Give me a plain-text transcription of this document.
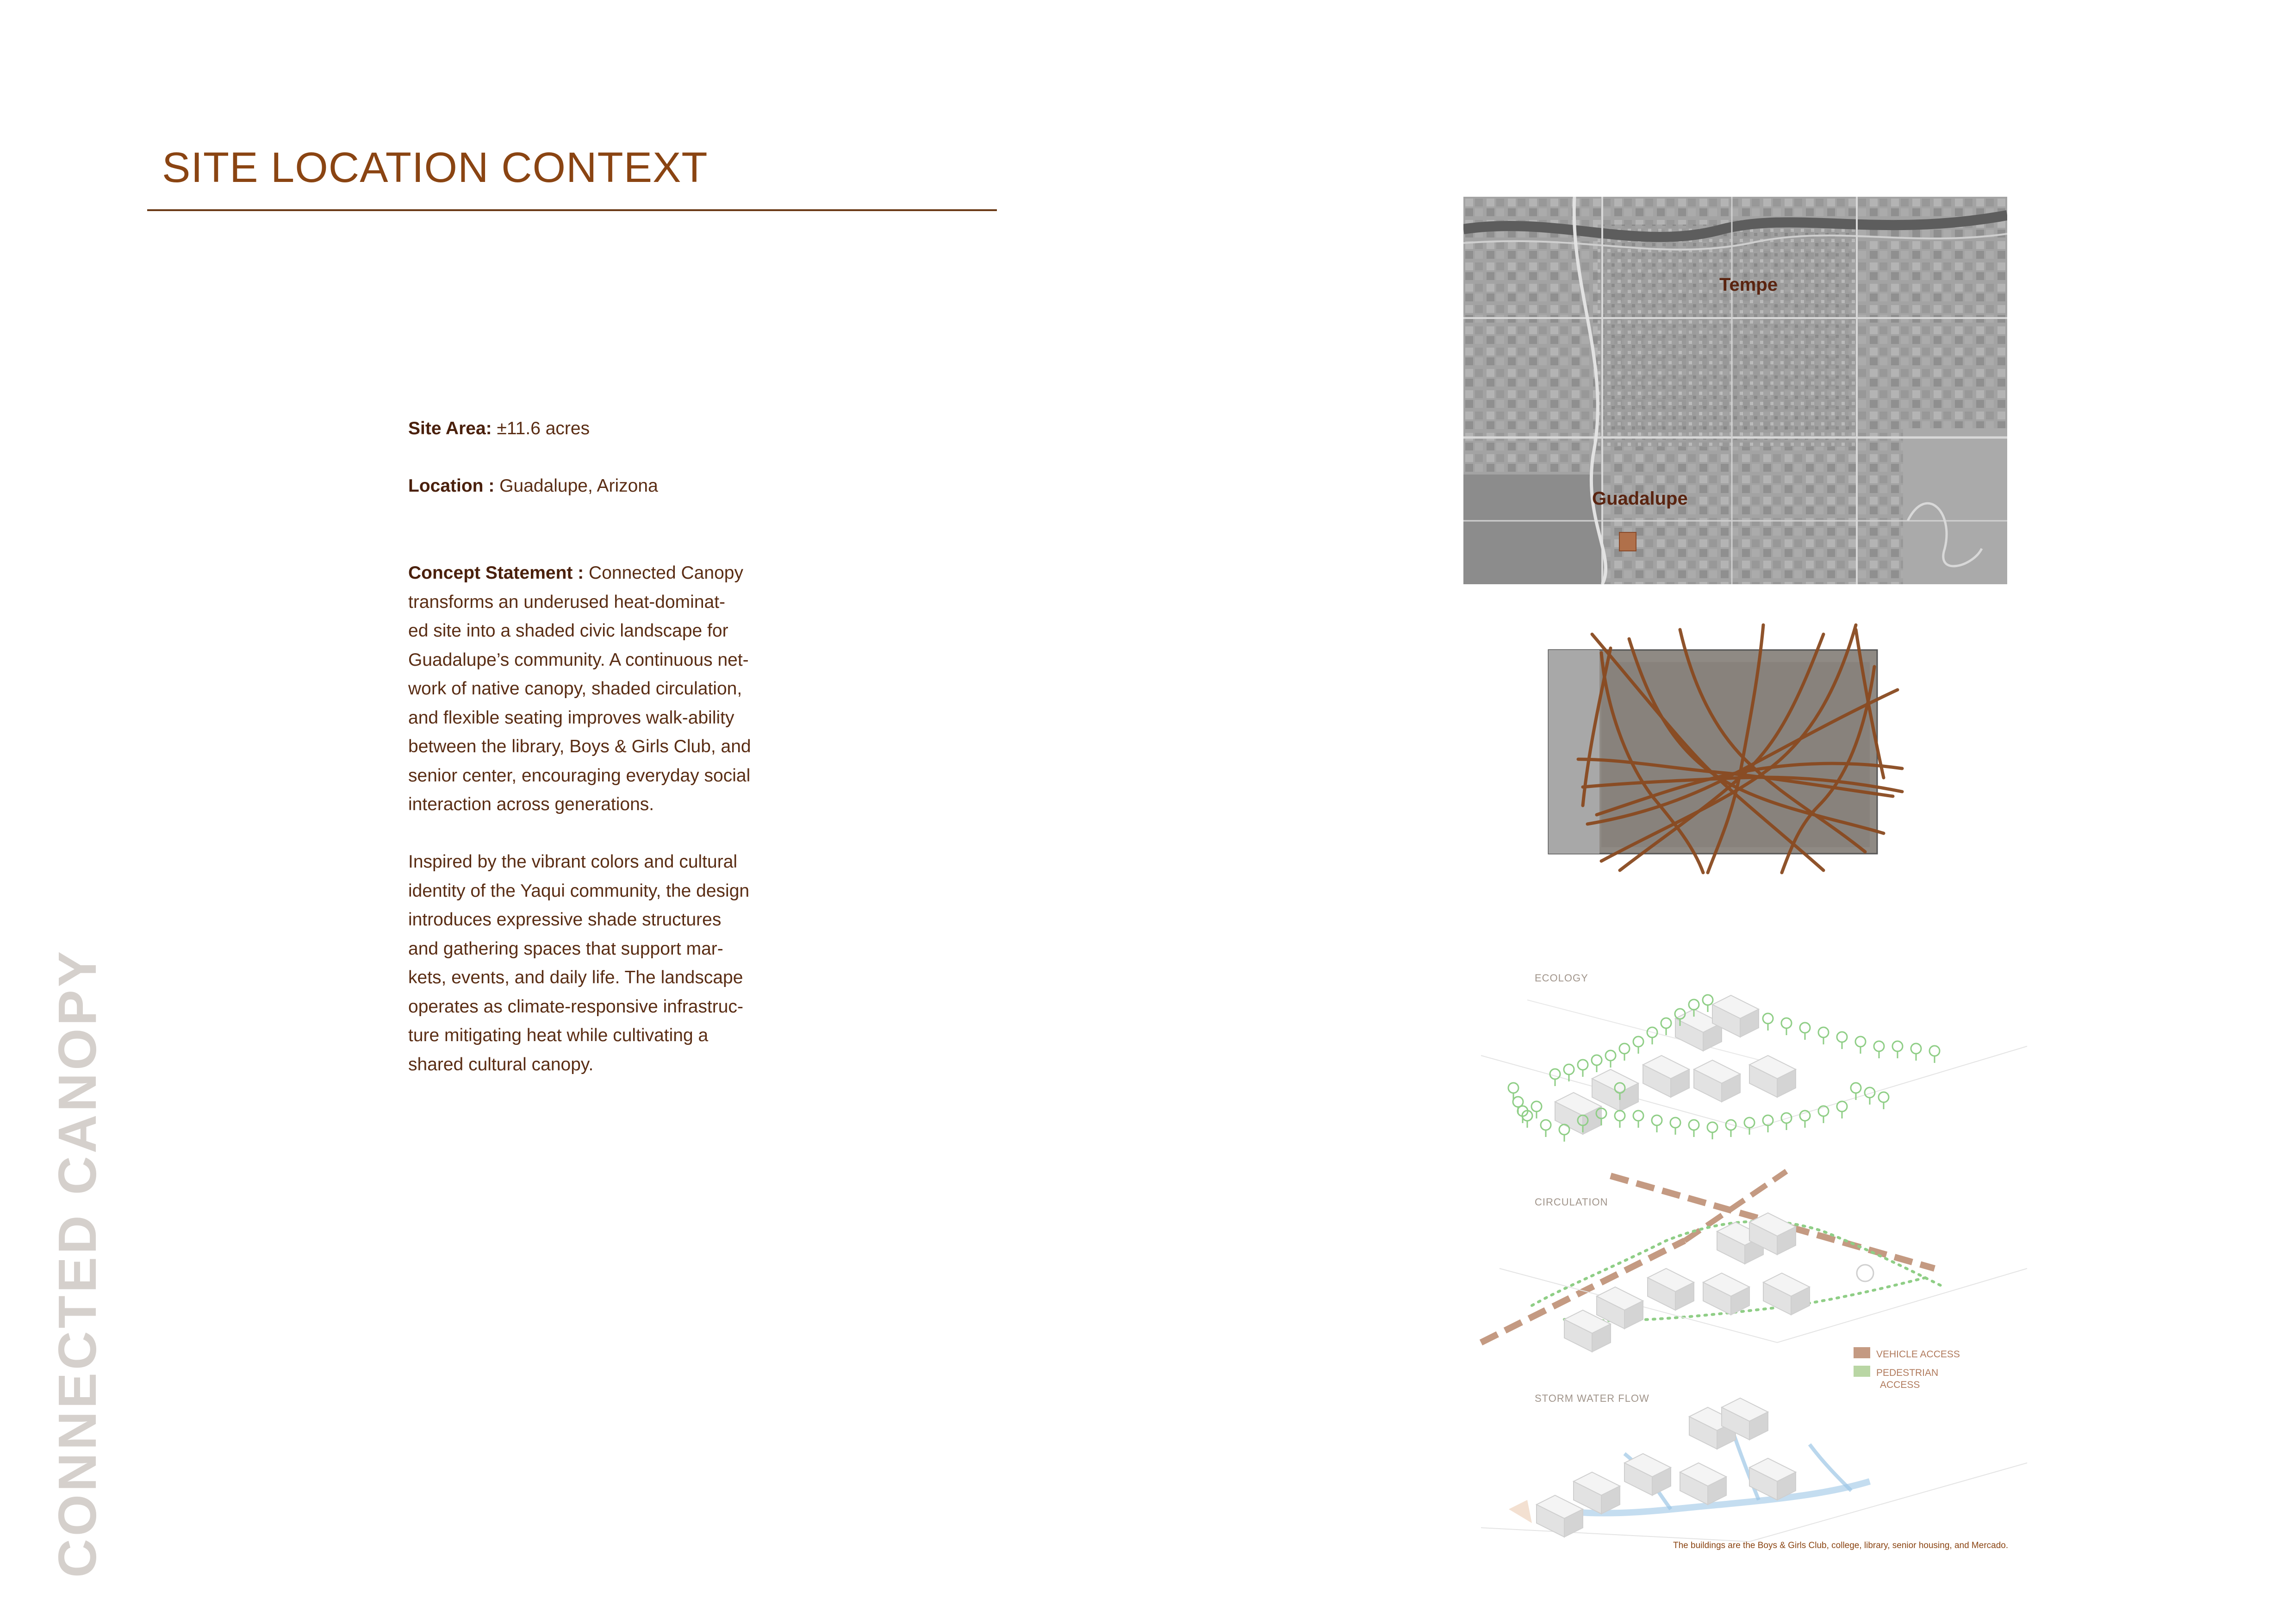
SITE LOCATION CONTEXT
CONNECTED CANOPY

Site Area: ±11.6 acres

Location : Guadalupe, Arizona

Concept Statement : Connected Canopy

transforms an underused heat-dominat-

ed site into a shaded civic landscape for

Guadalupe’s community. A continuous net-

work of native canopy, shaded circulation,

and flexible seating improves walk-ability

between the library, Boys & Girls Club, and

senior center, encouraging everyday social

interaction across generations.

Inspired by the vibrant colors and cultural

identity of the Yaqui community, the design

introduces expressive shade structures

and gathering spaces that support mar-

kets, events, and daily life. The landscape

operates as climate-responsive infrastruc-

ture mitigating heat while cultivating a

shared cultural canopy.

Tempe
Guadalupe
ECOLOGY
CIRCULATION
STORM WATER FLOW
VEHICLE ACCESS
PEDESTRIAN
ACCESS
The buildings are the Boys & Girls Club, college, library, senior housing, and Mercado.
